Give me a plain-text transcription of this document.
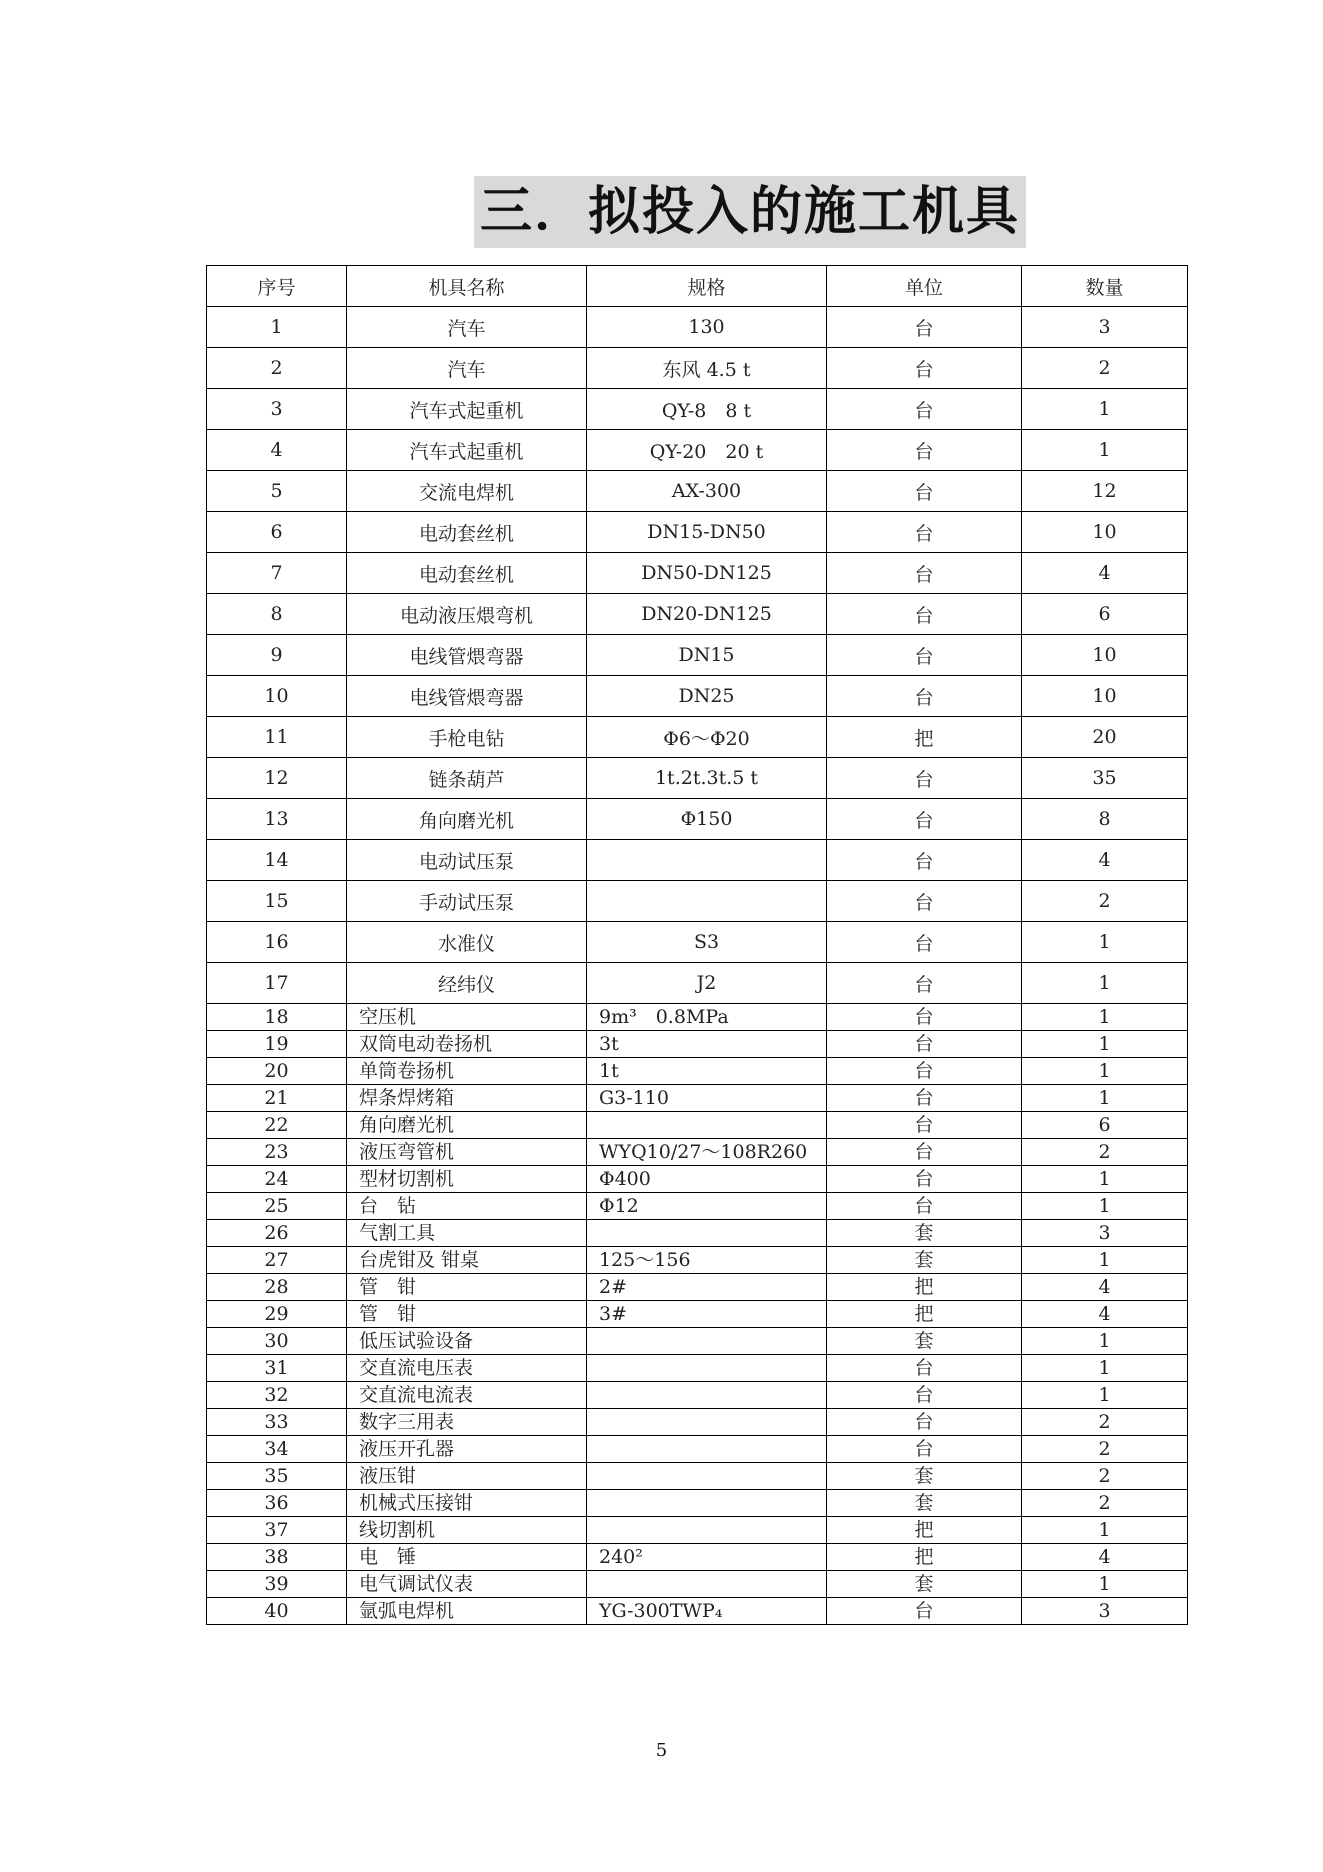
三．拟投入的施工机具
序号	机具名称	规格	单位	数量
1	汽车	130	台	3
2	汽车	东风 4.5 t	台	2
3	汽车式起重机	QY-8　8 t	台	1
4	汽车式起重机	QY-20　20 t	台	1
5	交流电焊机	AX-300	台	12
6	电动套丝机	DN15-DN50	台	10
7	电动套丝机	DN50-DN125	台	4
8	电动液压煨弯机	DN20-DN125	台	6
9	电线管煨弯器	DN15	台	10
10	电线管煨弯器	DN25	台	10
11	手枪电钻	Φ6～Φ20	把	20
12	链条葫芦	1t.2t.3t.5 t	台	35
13	角向磨光机	Φ150	台	8
14	电动试压泵		台	4
15	手动试压泵		台	2
16	水准仪	S3	台	1
17	经纬仪	J2	台	1
18	空压机	9m³　0.8MPa	台	1
19	双筒电动卷扬机	3t	台	1
20	单筒卷扬机	1t	台	1
21	焊条焊烤箱	G3-110	台	1
22	角向磨光机		台	6
23	液压弯管机	WYQ10/27～108R260	台	2
24	型材切割机	Φ400	台	1
25	台　钻	Φ12	台	1
26	气割工具		套	3
27	台虎钳及 钳桌	125～156	套	1
28	管　钳	2#	把	4
29	管　钳	3#	把	4
30	低压试验设备		套	1
31	交直流电压表		台	1
32	交直流电流表		台	1
33	数字三用表		台	2
34	液压开孔器		台	2
35	液压钳		套	2
36	机械式压接钳		套	2
37	线切割机		把	1
38	电　锤	240²	把	4
39	电气调试仪表		套	1
40	氩弧电焊机	YG-300TWP₄	台	3
5
